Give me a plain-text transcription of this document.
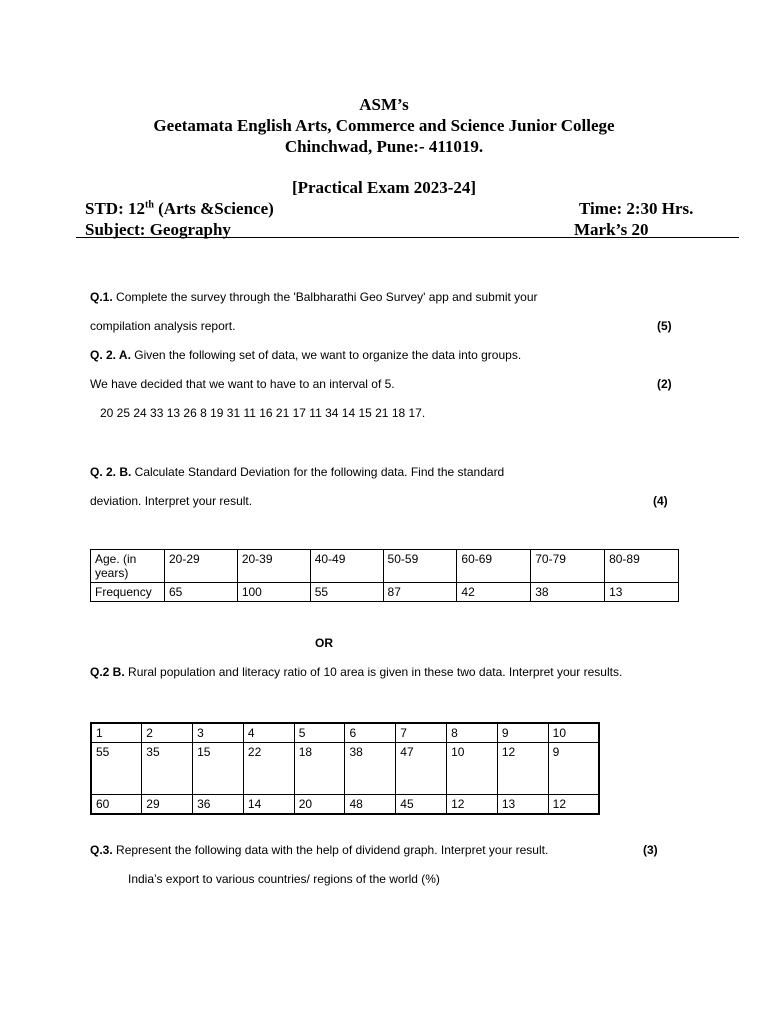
ASM’s
Geetamata English Arts, Commerce and Science Junior College
Chinchwad, Pune:- 411019.
[Practical Exam 2023-24]
STD: 12th (Arts &Science)	Time: 2:30 Hrs.
Subject: Geography	Mark’s 20
Q.1. Complete the survey through the 'Balbharathi Geo Survey' app and submit your
compilation analysis report.	(5)
Q. 2. A. Given the following set of data, we want to organize the data into groups.
We have decided that we want to have to an interval of 5.	(2)
20 25 24 33 13 26 8 19 31 11 16 21 17 11 34 14 15 21 18 17.
Q. 2. B. Calculate Standard Deviation for the following data. Find the standard
deviation. Interpret your result.	(4)
Age. (in years)	20-29	20-39	40-49	50-59	60-69	70-79	80-89
Frequency	65	100	55	87	42	38	13
OR
Q.2 B. Rural population and literacy ratio of 10 area is given in these two data. Interpret your results.
1	2	3	4	5	6	7	8	9	10
55	35	15	22	18	38	47	10	12	9
60	29	36	14	20	48	45	12	13	12
Q.3. Represent the following data with the help of dividend graph. Interpret your result.	(3)
India’s export to various countries/ regions of the world (%)
